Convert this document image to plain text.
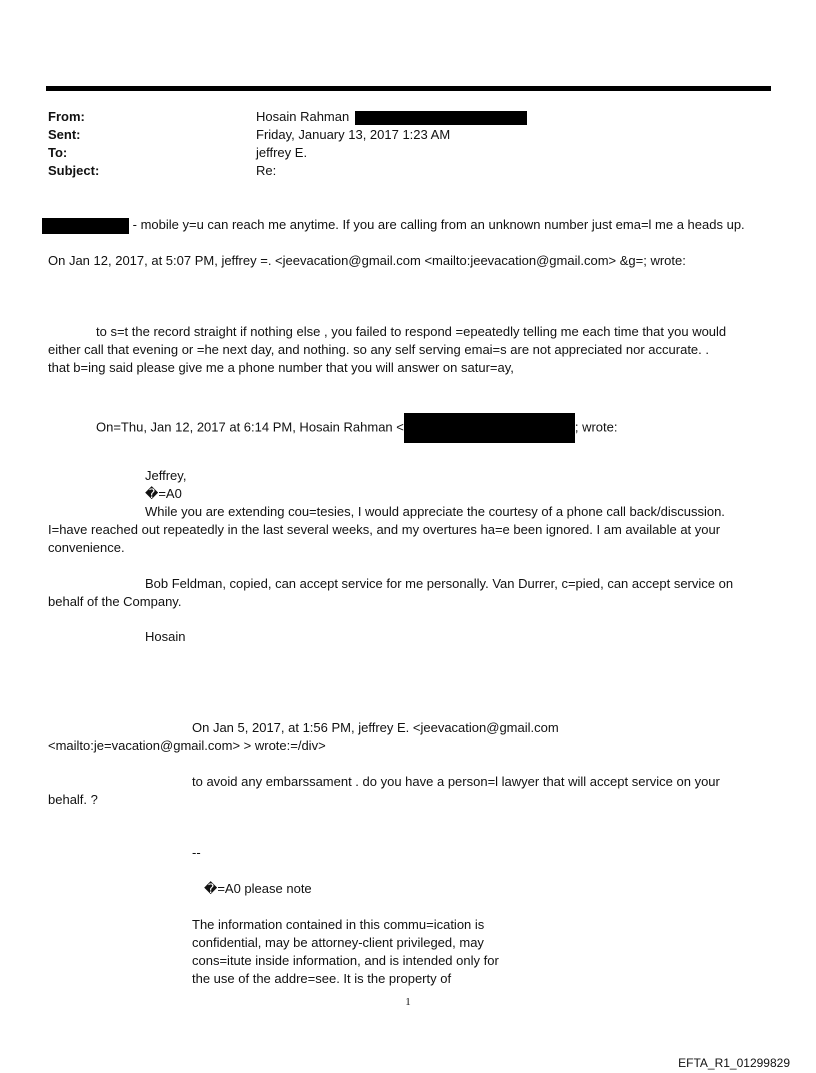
From:	Hosain Rahman
Sent:	Friday, January 13, 2017 1:23 AM
To:	jeffrey E.
Subject:	Re:
- mobile y=u can reach me anytime. If you are calling from an unknown number just ema=l me a heads up.
On Jan 12, 2017, at 5:07 PM, jeffrey =. <jeevacation@gmail.com <mailto:jeevacation@gmail.com> &g=; wrote:
to s=t the record straight if nothing else , you failed to respond =epeatedly telling me each time that you would
either call that evening or =he next day, and nothing. so any self serving emai=s are not appreciated nor accurate. .
that b=ing said please give me a phone number that you will answer on satur=ay,
On=Thu, Jan 12, 2017 at 6:14 PM, Hosain Rahman <	; wrote:
Jeffrey,
�=A0
While you are extending cou=tesies, I would appreciate the courtesy of a phone call back/discussion.
I=have reached out repeatedly in the last several weeks, and my overtures ha=e been ignored. I am available at your
convenience.
Bob Feldman, copied, can accept service for me personally. Van Durrer, c=pied, can accept service on
behalf of the Company.
Hosain
On Jan 5, 2017, at 1:56 PM, jeffrey E. <jeevacation@gmail.com
<mailto:je=vacation@gmail.com> > wrote:=/div>
to avoid any embarssament . do you have a person=l lawyer that will accept service on your
behalf. ?
--
�=A0 please note
The information contained in this commu=ication is
confidential, may be attorney-client privileged, may
cons=itute inside information, and is intended only for
the use of the addre=see. It is the property of
1
EFTA_R1_01299829
